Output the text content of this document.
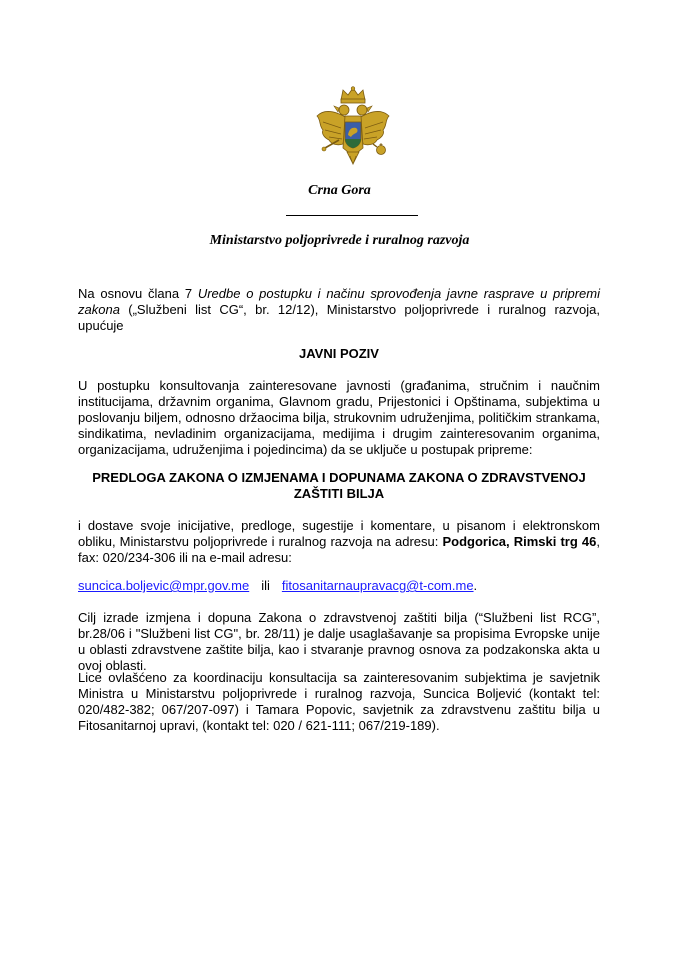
Crna Gora
Ministarstvo poljoprivrede i ruralnog razvoja
Na osnovu člana 7 Uredbe o postupku i načinu sprovođenja javne rasprave u pripremi zakona („Službeni list CG“, br. 12/12), Ministarstvo poljoprivrede i ruralnog razvoja, upućuje
JAVNI POZIV
U postupku konsultovanja zainteresovane javnosti (građanima, stručnim i naučnim institucijama, državnim organima, Glavnom gradu, Prijestonici i Opštinama, subjektima u poslovanju biljem, odnosno držaocima bilja, strukovnim udruženjima, političkim strankama, sindikatima, nevladinim organizacijama, medijima i drugim zainteresovanim organima, organizacijama, udruženjima i pojedincima) da se uključe u postupak pripreme:
PREDLOGA ZAKONA O IZMJENAMA I DOPUNAMA ZAKONA O ZDRAVSTVENOJ ZAŠTITI BILJA
i dostave svoje inicijative, predloge, sugestije i komentare, u pisanom i elektronskom obliku, Ministarstvu poljoprivrede i ruralnog razvoja na adresu: Podgorica, Rimski trg 46, fax: 020/234-306 ili na e-mail adresu:
suncica.boljevic@mpr.gov.me ili fitosanitarnaupravacg@t-com.me.
Cilj izrade izmjena i dopuna Zakona o zdravstvenoj zaštiti bilja (“Službeni list RCG”, br.28/06 i "Službeni list CG", br. 28/11) je dalje usaglašavanje sa propisima Evropske unije u oblasti zdravstvene zaštite bilja, kao i stvaranje pravnog osnova za podzakonska akta u ovoj oblasti.
Lice ovlašćeno za koordinaciju konsultacija sa zainteresovanim subjektima je savjetnik Ministra u Ministarstvu poljoprivrede i ruralnog razvoja, Suncica Boljević (kontakt tel: 020/482-382; 067/207-097) i Tamara Popovic, savjetnik za zdravstvenu zaštitu bilja u Fitosanitarnoj upravi, (kontakt tel: 020 / 621-111; 067/219-189).
